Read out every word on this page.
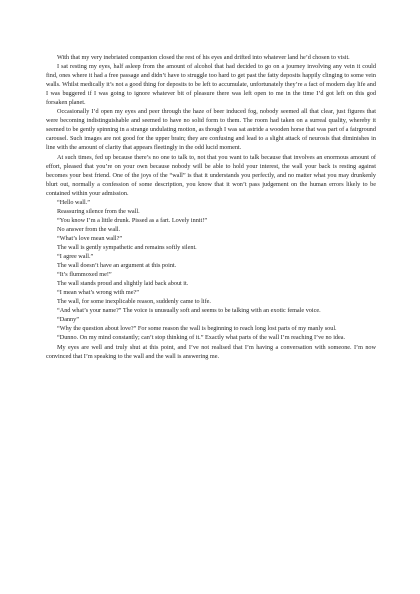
With that my very inebriated companion closed the rest of his eyes and drifted into whatever land he’d chosen to visit.

I sat resting my eyes, half asleep from the amount of alcohol that had decided to go on a journey involving any vein it could find, ones where it had a free passage and didn’t have to struggle too hard to get past the fatty deposits happily clinging to some vein walls. Whilst medically it’s not a good thing for deposits to be left to accumulate, unfortunately they’re a fact of modern day life and I was buggered if I was going to ignore whatever bit of pleasure there was left open to me in the time I’d got left on this god forsaken planet.

Occasionally I’d open my eyes and peer through the haze of beer induced fog, nobody seemed all that clear, just figures that were becoming indistinguishable and seemed to have no solid form to them. The room had taken on a surreal quality, whereby it seemed to be gently spinning in a strange undulating motion, as though I was sat astride a wooden horse that was part of a fairground carousel. Such images are not good for the upper brain; they are confusing and lead to a slight attack of neurosis that diminishes in line with the amount of clarity that appears fleetingly in the odd lucid moment.

At such times, fed up because there’s no one to talk to, not that you want to talk because that involves an enormous amount of effort, pleased that you’re on your own because nobody will be able to hold your interest, the wall your back is resting against becomes your best friend. One of the joys of the “wall” is that it understands you perfectly, and no matter what you may drunkenly blurt out, normally a confession of some description, you know that it won’t pass judgement on the human errors likely to be contained within your admission.

“Hello wall.”

Reassuring silence from the wall.

“You know I’m a little drunk. Pissed as a fart. Lovely innit!”

No answer from the wall.

“What’s love mean wall?”

The wall is gently sympathetic and remains softly silent.

“I agree wall.”

The wall doesn’t have an argument at this point.

“It’s flummoxed me!”

The wall stands proud and slightly laid back about it.

“I mean what’s wrong with me?”

The wall, for some inexplicable reason, suddenly came to life.

“And what’s your name?” The voice is unusually soft and seems to be talking with an exotic female voice.

“Danny”

“Why the question about love?” For some reason the wall is beginning to reach long lost parts of my manly soul.

“Dunno. On my mind constantly; can’t stop thinking of it.” Exactly what parts of the wall I’m reaching I’ve no idea.

My eyes are well and truly shut at this point, and I’ve not realised that I’m having a conversation with someone. I’m now convinced that I’m speaking to the wall and the wall is answering me.
